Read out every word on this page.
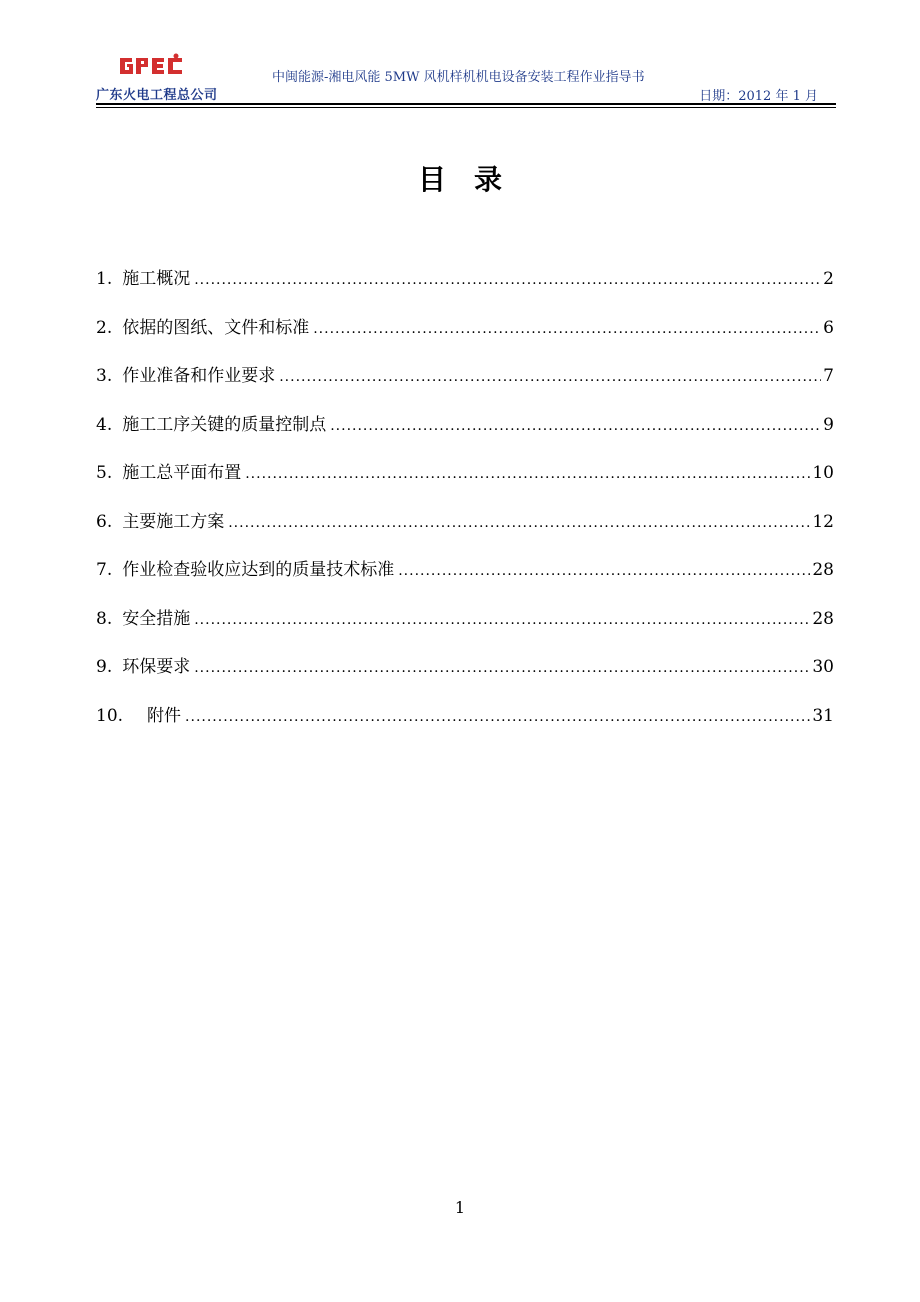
中闽能源-湘电风能 5MW 风机样机机电设备安装工程作业指导书
广东火电工程总公司	日期：2012 年 1 月
目录
1. 施工概况 .....	2
2. 依据的图纸、文件和标准 .....	6
3. 作业准备和作业要求 .....	7
4. 施工工序关键的质量控制点 .....	9
5. 施工总平面布置 .....	10
6. 主要施工方案 .....	12
7. 作业检查验收应达到的质量技术标准 .....	28
8. 安全措施 .....	28
9. 环保要求 .....	30
10.	附件 .....	31
1
